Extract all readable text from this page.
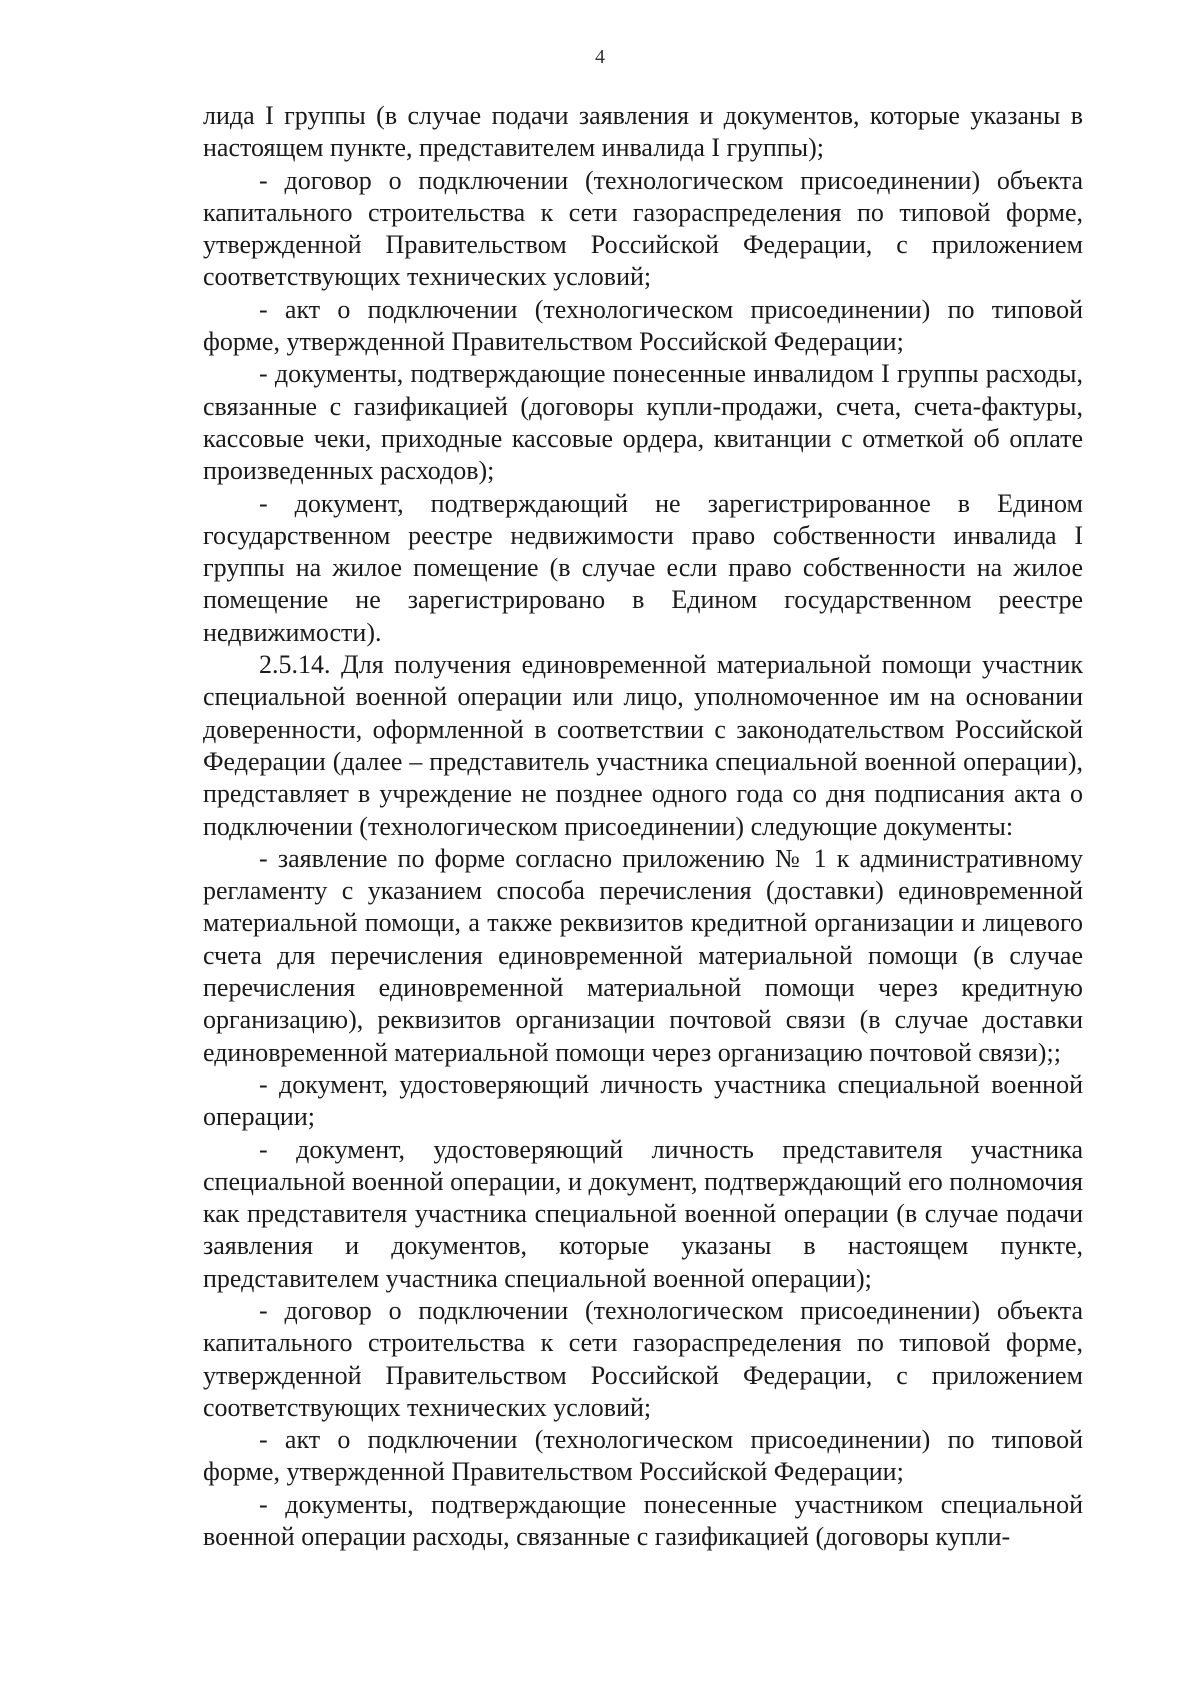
4

лида I группы (в случае подачи заявления и документов, которые указаны в настоящем пункте, представителем инвалида I группы);

- договор о подключении (технологическом присоединении) объекта капитального строительства к сети газораспределения по типовой форме, утвержденной Правительством Российской Федерации, с приложением соответствующих технических условий;

- акт о подключении (технологическом присоединении) по типовой форме, утвержденной Правительством Российской Федерации;

- документы, подтверждающие понесенные инвалидом I группы расходы, связанные с газификацией (договоры купли-продажи, счета, счета-фактуры, кассовые чеки, приходные кассовые ордера, квитанции с отметкой об оплате произведенных расходов);

- документ, подтверждающий не зарегистрированное в Едином государственном реестре недвижимости право собственности инвалида I группы на жилое помещение (в случае если право собственности на жилое помещение не зарегистрировано в Едином государственном реестре недвижимости).

2.5.14. Для получения единовременной материальной помощи участник специальной военной операции или лицо, уполномоченное им на основании доверенности, оформленной в соответствии с законодательством Российской Федерации (далее – представитель участника специальной военной операции), представляет в учреждение не позднее одного года со дня подписания акта о подключении (технологическом присоединении) следующие документы:

- заявление по форме согласно приложению № 1 к административному регламенту с указанием способа перечисления (доставки) единовременной материальной помощи, а также реквизитов кредитной организации и лицевого счета для перечисления единовременной материальной помощи (в случае перечисления единовременной материальной помощи через кредитную организацию), реквизитов организации почтовой связи (в случае доставки единовременной материальной помощи через организацию почтовой связи);;

- документ, удостоверяющий личность участника специальной военной операции;

- документ, удостоверяющий личность представителя участника специальной военной операции, и документ, подтверждающий его полномочия как представителя участника специальной военной операции (в случае подачи заявления и документов, которые указаны в настоящем пункте, представителем участника специальной военной операции);

- договор о подключении (технологическом присоединении) объекта капитального строительства к сети газораспределения по типовой форме, утвержденной Правительством Российской Федерации, с приложением соответствующих технических условий;

- акт о подключении (технологическом присоединении) по типовой форме, утвержденной Правительством Российской Федерации;

- документы, подтверждающие понесенные участником специальной военной операции расходы, связанные с газификацией (договоры купли-
